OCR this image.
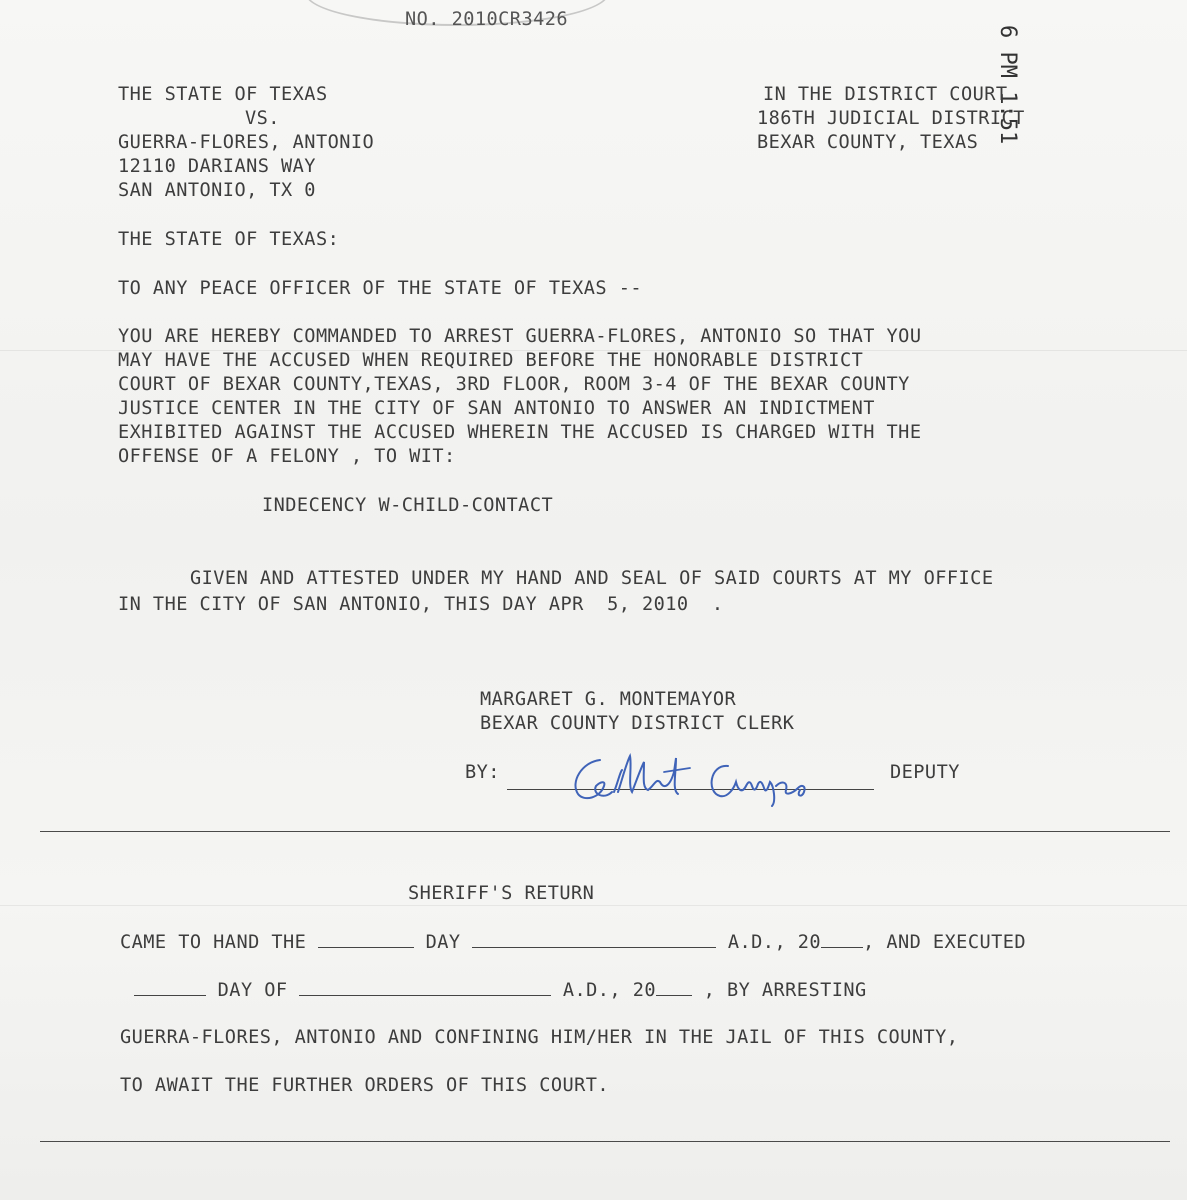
NO. 2010CR3426
6 PM 1:51
THE STATE OF TEXAS
VS.
GUERRA-FLORES, ANTONIO
12110 DARIANS WAY
SAN ANTONIO, TX 0
IN THE DISTRICT COURT
186TH JUDICIAL DISTRICT
BEXAR COUNTY, TEXAS
THE STATE OF TEXAS:
TO ANY PEACE OFFICER OF THE STATE OF TEXAS --
YOU ARE HEREBY COMMANDED TO ARREST GUERRA-FLORES, ANTONIO SO THAT YOU
MAY HAVE THE ACCUSED WHEN REQUIRED BEFORE THE HONORABLE DISTRICT
COURT OF BEXAR COUNTY,TEXAS, 3RD FLOOR, ROOM 3-4 OF THE BEXAR COUNTY
JUSTICE CENTER IN THE CITY OF SAN ANTONIO TO ANSWER AN INDICTMENT
EXHIBITED AGAINST THE ACCUSED WHEREIN THE ACCUSED IS CHARGED WITH THE
OFFENSE OF A FELONY , TO WIT:
INDECENCY W-CHILD-CONTACT
GIVEN AND ATTESTED UNDER MY HAND AND SEAL OF SAID COURTS AT MY OFFICE
IN THE CITY OF SAN ANTONIO, THIS DAY APR  5, 2010  .
MARGARET G. MONTEMAYOR
BEXAR COUNTY DISTRICT CLERK
BY:	DEPUTY
Gilbert Campos
SHERIFF'S RETURN
CAME TO HAND THE	DAY	A.D., 20 , AND EXECUTED
DAY OF	A.D., 20	, BY ARRESTING
GUERRA-FLORES, ANTONIO AND CONFINING HIM/HER IN THE JAIL OF THIS COUNTY,
TO AWAIT THE FURTHER ORDERS OF THIS COURT.
